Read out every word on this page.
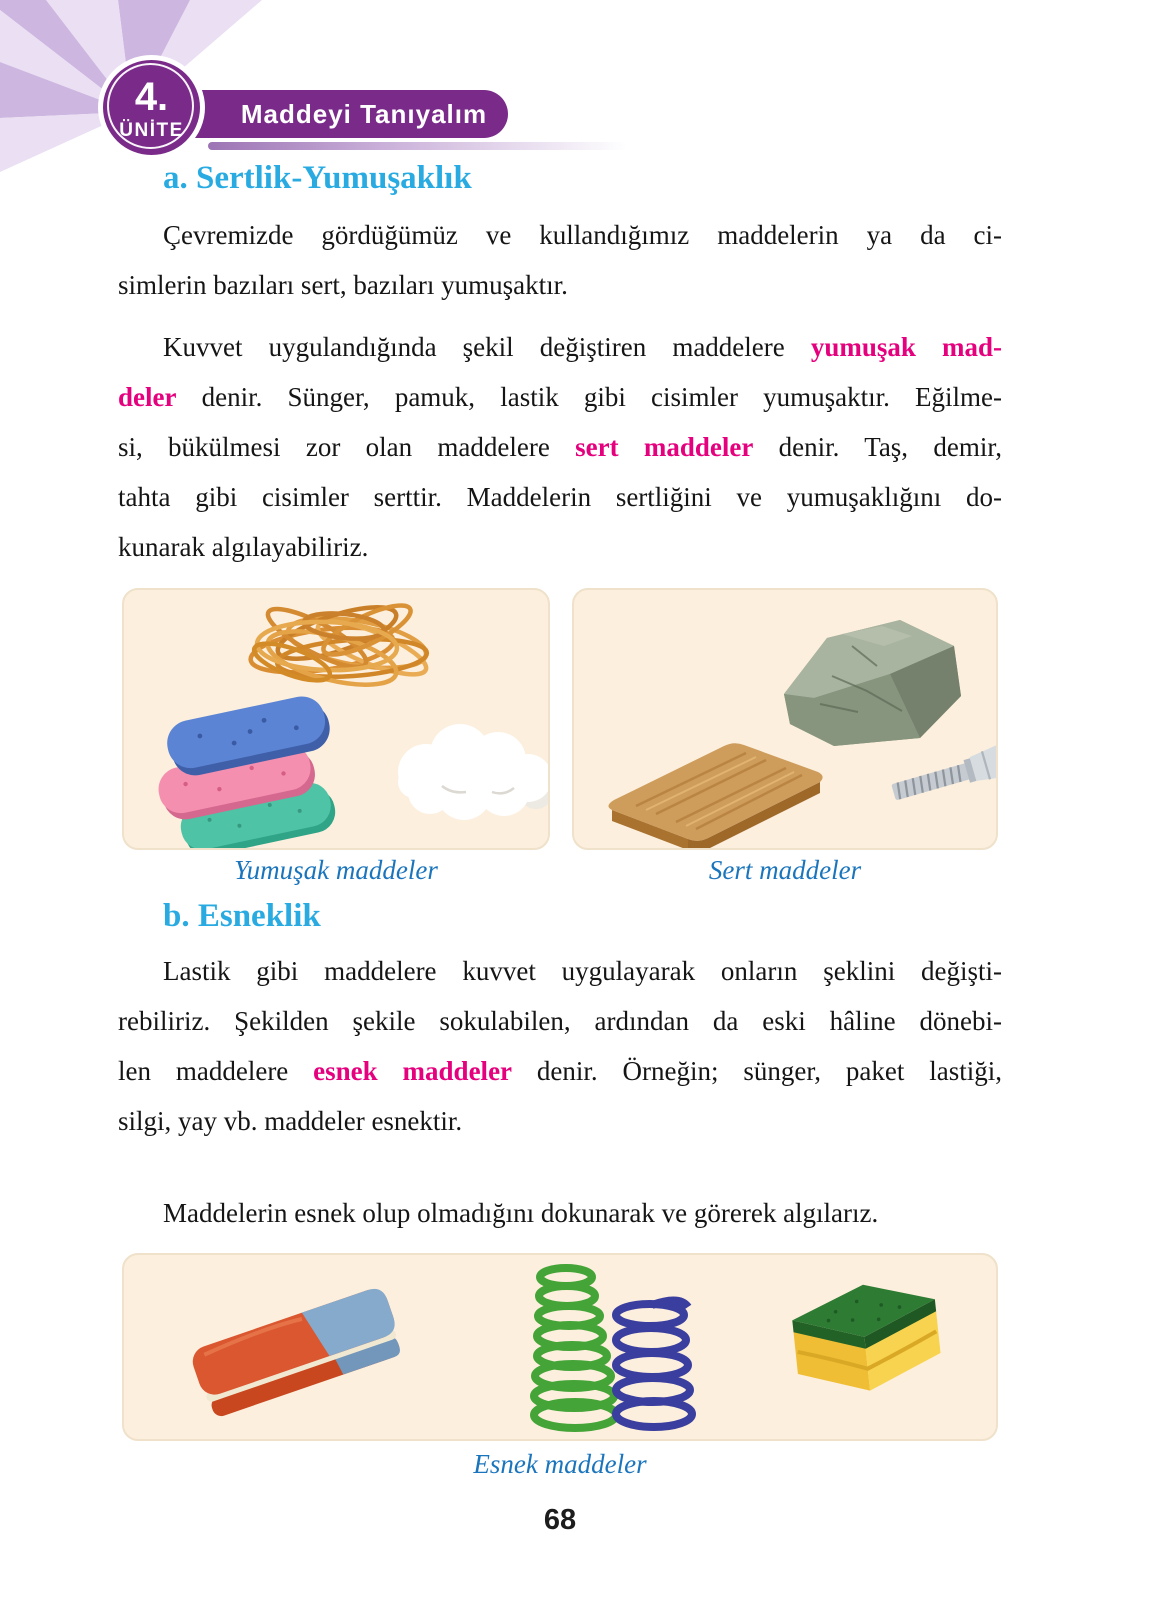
Maddeyi Tanıyalım
4.
ÜNİTE
a. Sertlik-Yumuşaklık
Çevremizde gördüğümüz ve kullandığımız maddelerin ya da ci-
simlerin bazıları sert, bazıları yumuşaktır.
Kuvvet uygulandığında şekil değiştiren maddelere yumuşak mad-
deler denir. Sünger, pamuk, lastik gibi cisimler yumuşaktır. Eğilme-
si, bükülmesi zor olan maddelere sert maddeler denir. Taş, demir,
tahta gibi cisimler serttir. Maddelerin sertliğini ve yumuşaklığını do-
kunarak algılayabiliriz.
Yumuşak maddeler	Sert maddeler
b. Esneklik
Lastik gibi maddelere kuvvet uygulayarak onların şeklini değişti-
rebiliriz. Şekilden şekile sokulabilen, ardından da eski hâline dönebi-
len maddelere esnek maddeler denir. Örneğin; sünger, paket lastiği,
silgi, yay vb. maddeler esnektir.
Maddelerin esnek olup olmadığını dokunarak ve görerek algılarız.
Esnek maddeler
68
